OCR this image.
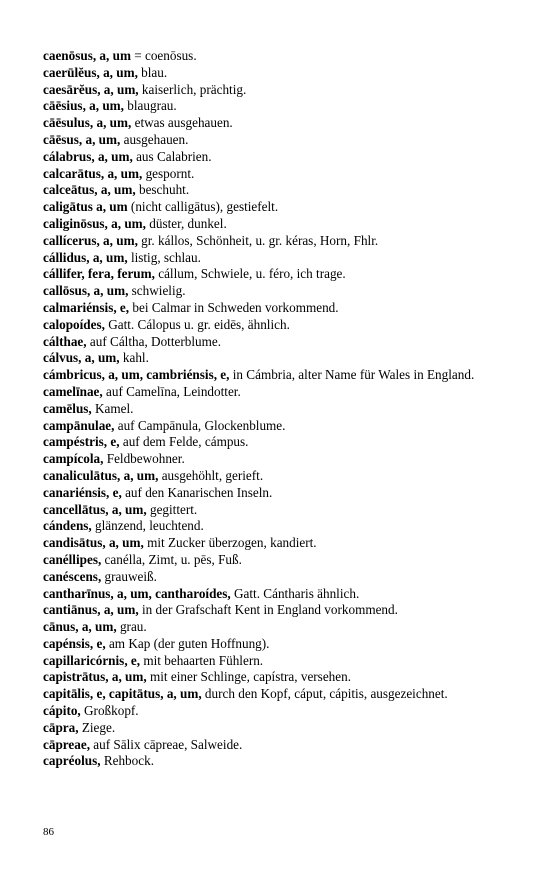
caenōsus, a, um = coenōsus.
caerūlĕus, a, um, blau.
caesārĕus, a, um, kaiserlich, prächtig.
cāēsius, a, um, blaugrau.
cāēsulus, a, um, etwas ausgehauen.
cāēsus, a, um, ausgehauen.
cálabrus, a, um, aus Calabrien.
calcarātus, a, um, gespornt.
calceātus, a, um, beschuht.
caligātus a, um (nicht calligātus), gestiefelt.
caliginōsus, a, um, düster, dunkel.
callícerus, a, um, gr. kállos, Schönheit, u. gr. kéras, Horn, Fhlr.
cállidus, a, um, listig, schlau.
cállifer, fera, ferum, cállum, Schwiele, u. féro, ich trage.
callōsus, a, um, schwielig.
calmariénsis, e, bei Calmar in Schweden vorkommend.
calopoídes, Gatt. Cálopus u. gr. eidēs, ähnlich.
cálthae, auf Cáltha, Dotterblume.
cálvus, a, um, kahl.
cámbricus, a, um, cambriénsis, e, in Cámbria, alter Name für Wales in England.
camelīnae, auf Camelīna, Leindotter.
camēlus, Kamel.
campānulae, auf Campānula, Glockenblume.
campéstris, e, auf dem Felde, cámpus.
campícola, Feldbewohner.
canaliculātus, a, um, ausgehöhlt, gerieft.
canariénsis, e, auf den Kanarischen Inseln.
cancellātus, a, um, gegittert.
cándens, glänzend, leuchtend.
candisātus, a, um, mit Zucker überzogen, kandiert.
canéllipes, canélla, Zimt, u. pēs, Fuß.
canéscens, grauweiß.
cantharīnus, a, um, cantharoídes, Gatt. Cántharis ähnlich.
cantiānus, a, um, in der Grafschaft Kent in England vorkommend.
cānus, a, um, grau.
capénsis, e, am Kap (der guten Hoffnung).
capillaricórnis, e, mit behaarten Fühlern.
capistrātus, a, um, mit einer Schlinge, capístra, versehen.
capitālis, e, capitātus, a, um, durch den Kopf, cáput, cápitis, ausgezeichnet.
cápito, Großkopf.
cāpra, Ziege.
cāpreae, auf Sālix cāpreae, Salweide.
capréolus, Rehbock.
86
